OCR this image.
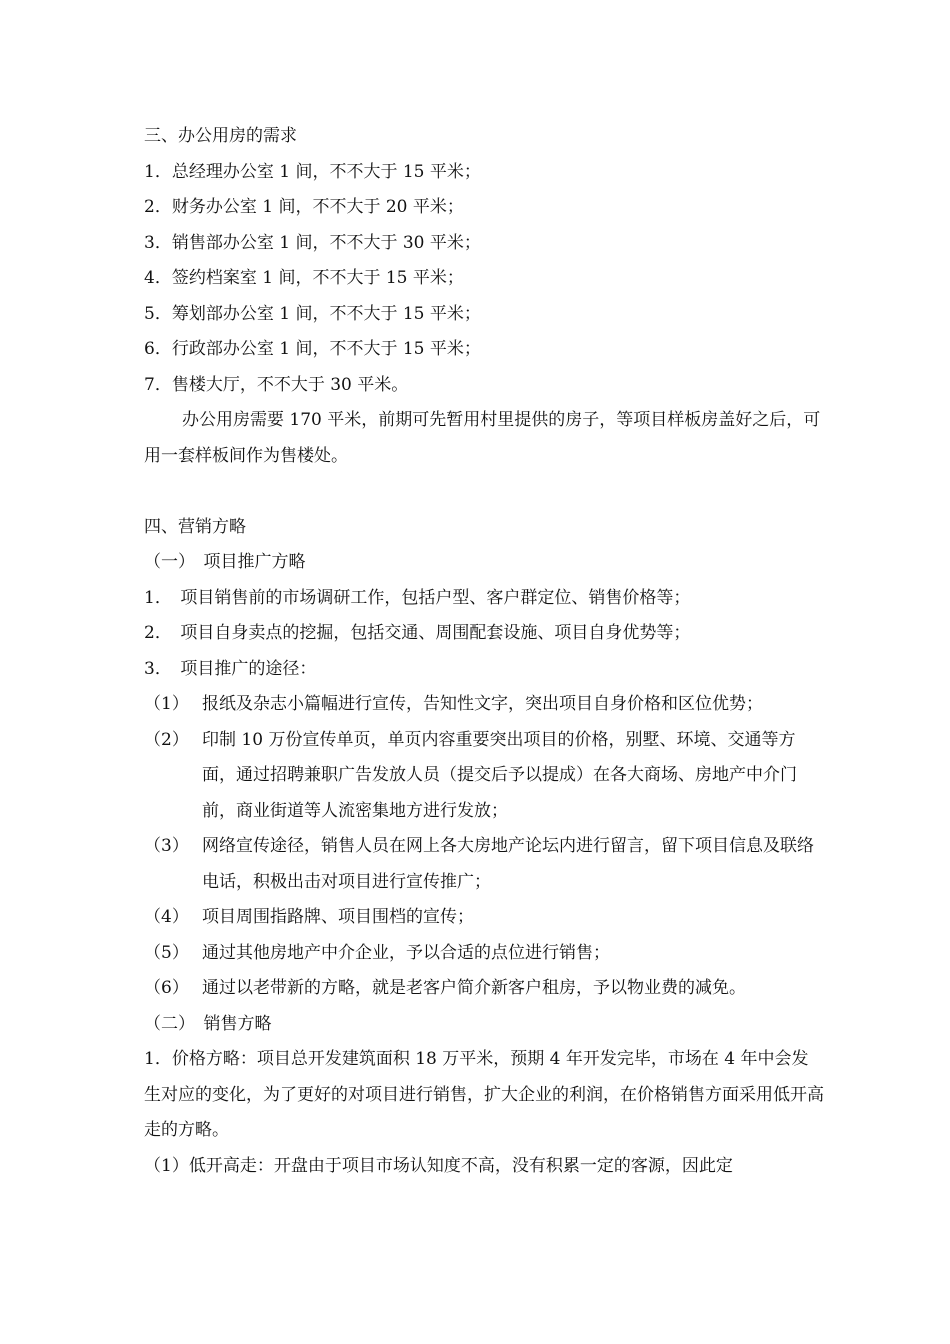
三、办公用房的需求
1．总经理办公室 1 间，不不大于 15 平米；
2．财务办公室 1 间，不不大于 20 平米；
3．销售部办公室 1 间，不不大于 30 平米；
4．签约档案室 1 间，不不大于 15 平米；
5．筹划部办公室 1 间，不不大于 15 平米；
6．行政部办公室 1 间，不不大于 15 平米；
7．售楼大厅，不不大于 30 平米。
办公用房需要 170 平米，前期可先暂用村里提供的房子，等项目样板房盖好之后，可用一套样板间作为售楼处。
四、营销方略
（一）　项目推广方略
1．　项目销售前的市场调研工作，包括户型、客户群定位、销售价格等；
2．　项目自身卖点的挖掘，包括交通、周围配套设施、项目自身优势等；
3．　项目推广的途径：
（1） 报纸及杂志小篇幅进行宣传，告知性文字，突出项目自身价格和区位优势；
（2） 印制 10 万份宣传单页，单页内容重要突出项目的价格，别墅、环境、交通等方面，通过招聘兼职广告发放人员（提交后予以提成）在各大商场、房地产中介门前，商业街道等人流密集地方进行发放；
（3） 网络宣传途径，销售人员在网上各大房地产论坛内进行留言，留下项目信息及联络电话，积极出击对项目进行宣传推广；
（4） 项目周围指路牌、项目围档的宣传；
（5） 通过其他房地产中介企业，予以合适的点位进行销售；
（6） 通过以老带新的方略，就是老客户简介新客户租房，予以物业费的减免。
（二）　销售方略
1．价格方略：项目总开发建筑面积 18 万平米，预期 4 年开发完毕，市场在 4 年中会发生对应的变化，为了更好的对项目进行销售，扩大企业的利润，在价格销售方面采用低开高走的方略。
（1）低开高走：开盘由于项目市场认知度不高，没有积累一定的客源，因此定
